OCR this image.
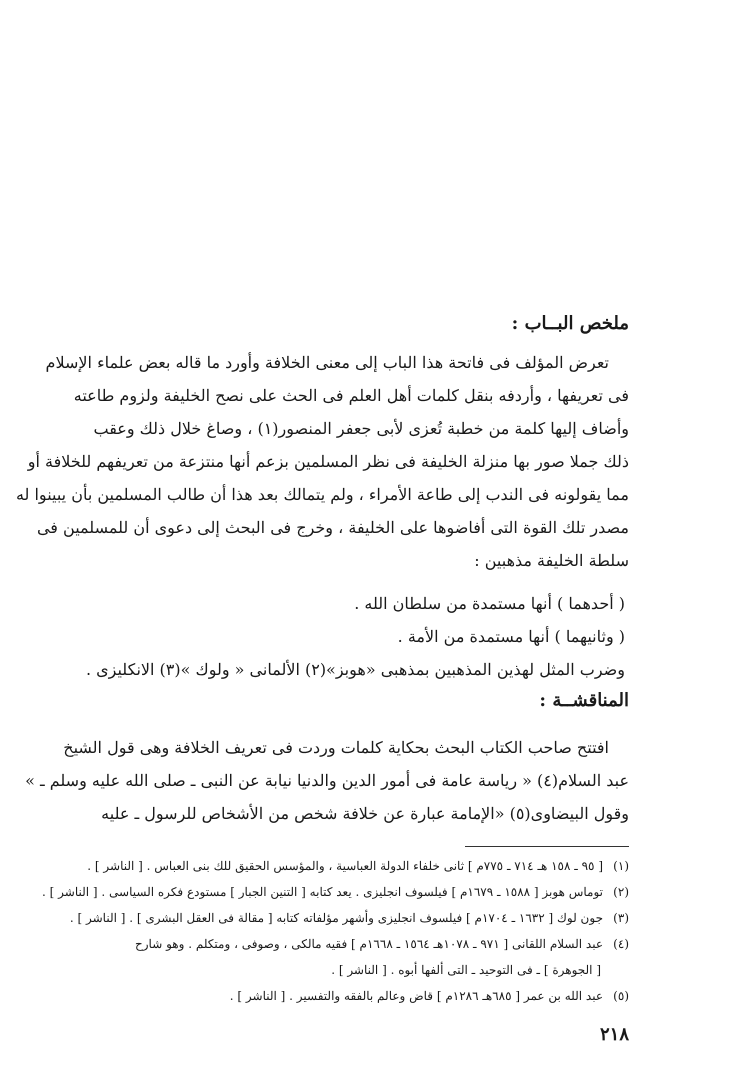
ملخص البــاب :
تعرض المؤلف فى فاتحة هذا الباب إلى معنى الخلافة وأورد ما قاله بعض علماء الإسلام
فى تعريفها ، وأردفه بنقل كلمات أهل العلم فى الحث على نصح الخليفة ولزوم طاعته
وأضاف إليها كلمة من خطبة تُعزى لأبى جعفر المنصور(١) ، وصاغ خلال ذلك وعقب
ذلك جملا صور بها منزلة الخليفة فى نظر المسلمين بزعم أنها منتزعة من تعريفهم للخلافة أو
مما يقولونه فى الندب إلى طاعة الأمراء ، ولم يتمالك بعد هذا أن طالب المسلمين بأن يبينوا له
مصدر تلك القوة التى أفاضوها على الخليفة ، وخرج فى البحث إلى دعوى أن للمسلمين فى
سلطة الخليفة مذهبين :
( أحدهما ) أنها مستمدة من سلطان الله .
( وثانيهما ) أنها مستمدة من الأمة .
وضرب المثل لهذين المذهبين بمذهبى «هوبز»(٢) الألمانى « ولوك »(٣) الانكليزى .
المناقشــة :
افتتح صاحب الكتاب البحث بحكاية كلمات وردت فى تعريف الخلافة وهى قول الشيخ
عبد السلام(٤) « رياسة عامة فى أمور الدين والدنيا نيابة عن النبى ـ صلى الله عليه وسلم ـ »
وقول البيضاوى(٥) «الإمامة عبارة عن خلافة شخص من الأشخاص للرسول ـ عليه
(١)[ ٩٥ ـ ١٥٨ هـ ٧١٤ ـ ٧٧٥م ] ثانى خلفاء الدولة العباسية ، والمؤسس الحقيق للك بنى العباس . [ الناشر ] .
(٢)توماس هوبز [ ١٥٨٨ ـ ١٦٧٩م ] فيلسوف انجليزى . يعد كتابه [ التنين الجبار ] مستودع فكره السياسى . [ الناشر ] .
(٣)جون لوك [ ١٦٣٢ ـ ١٧٠٤م ] فيلسوف انجليزى وأشهر مؤلفاته كتابه [ مقالة فى العقل البشرى ] . [ الناشر ] .
(٤)عبد السلام اللقانى [ ٩٧١ ـ ١٠٧٨هـ ١٥٦٤ ـ ١٦٦٨م ] فقيه مالكى ، وصوفى ، ومتكلم . وهو شارح
[ الجوهرة ] ـ فى التوحيد ـ التى ألفها أبوه . [ الناشر ] .
(٥)عبد الله بن عمر [ ٦٨٥هـ ١٢٨٦م ] قاض وعالم بالفقه والتفسير . [ الناشر ] .
٢١٨
